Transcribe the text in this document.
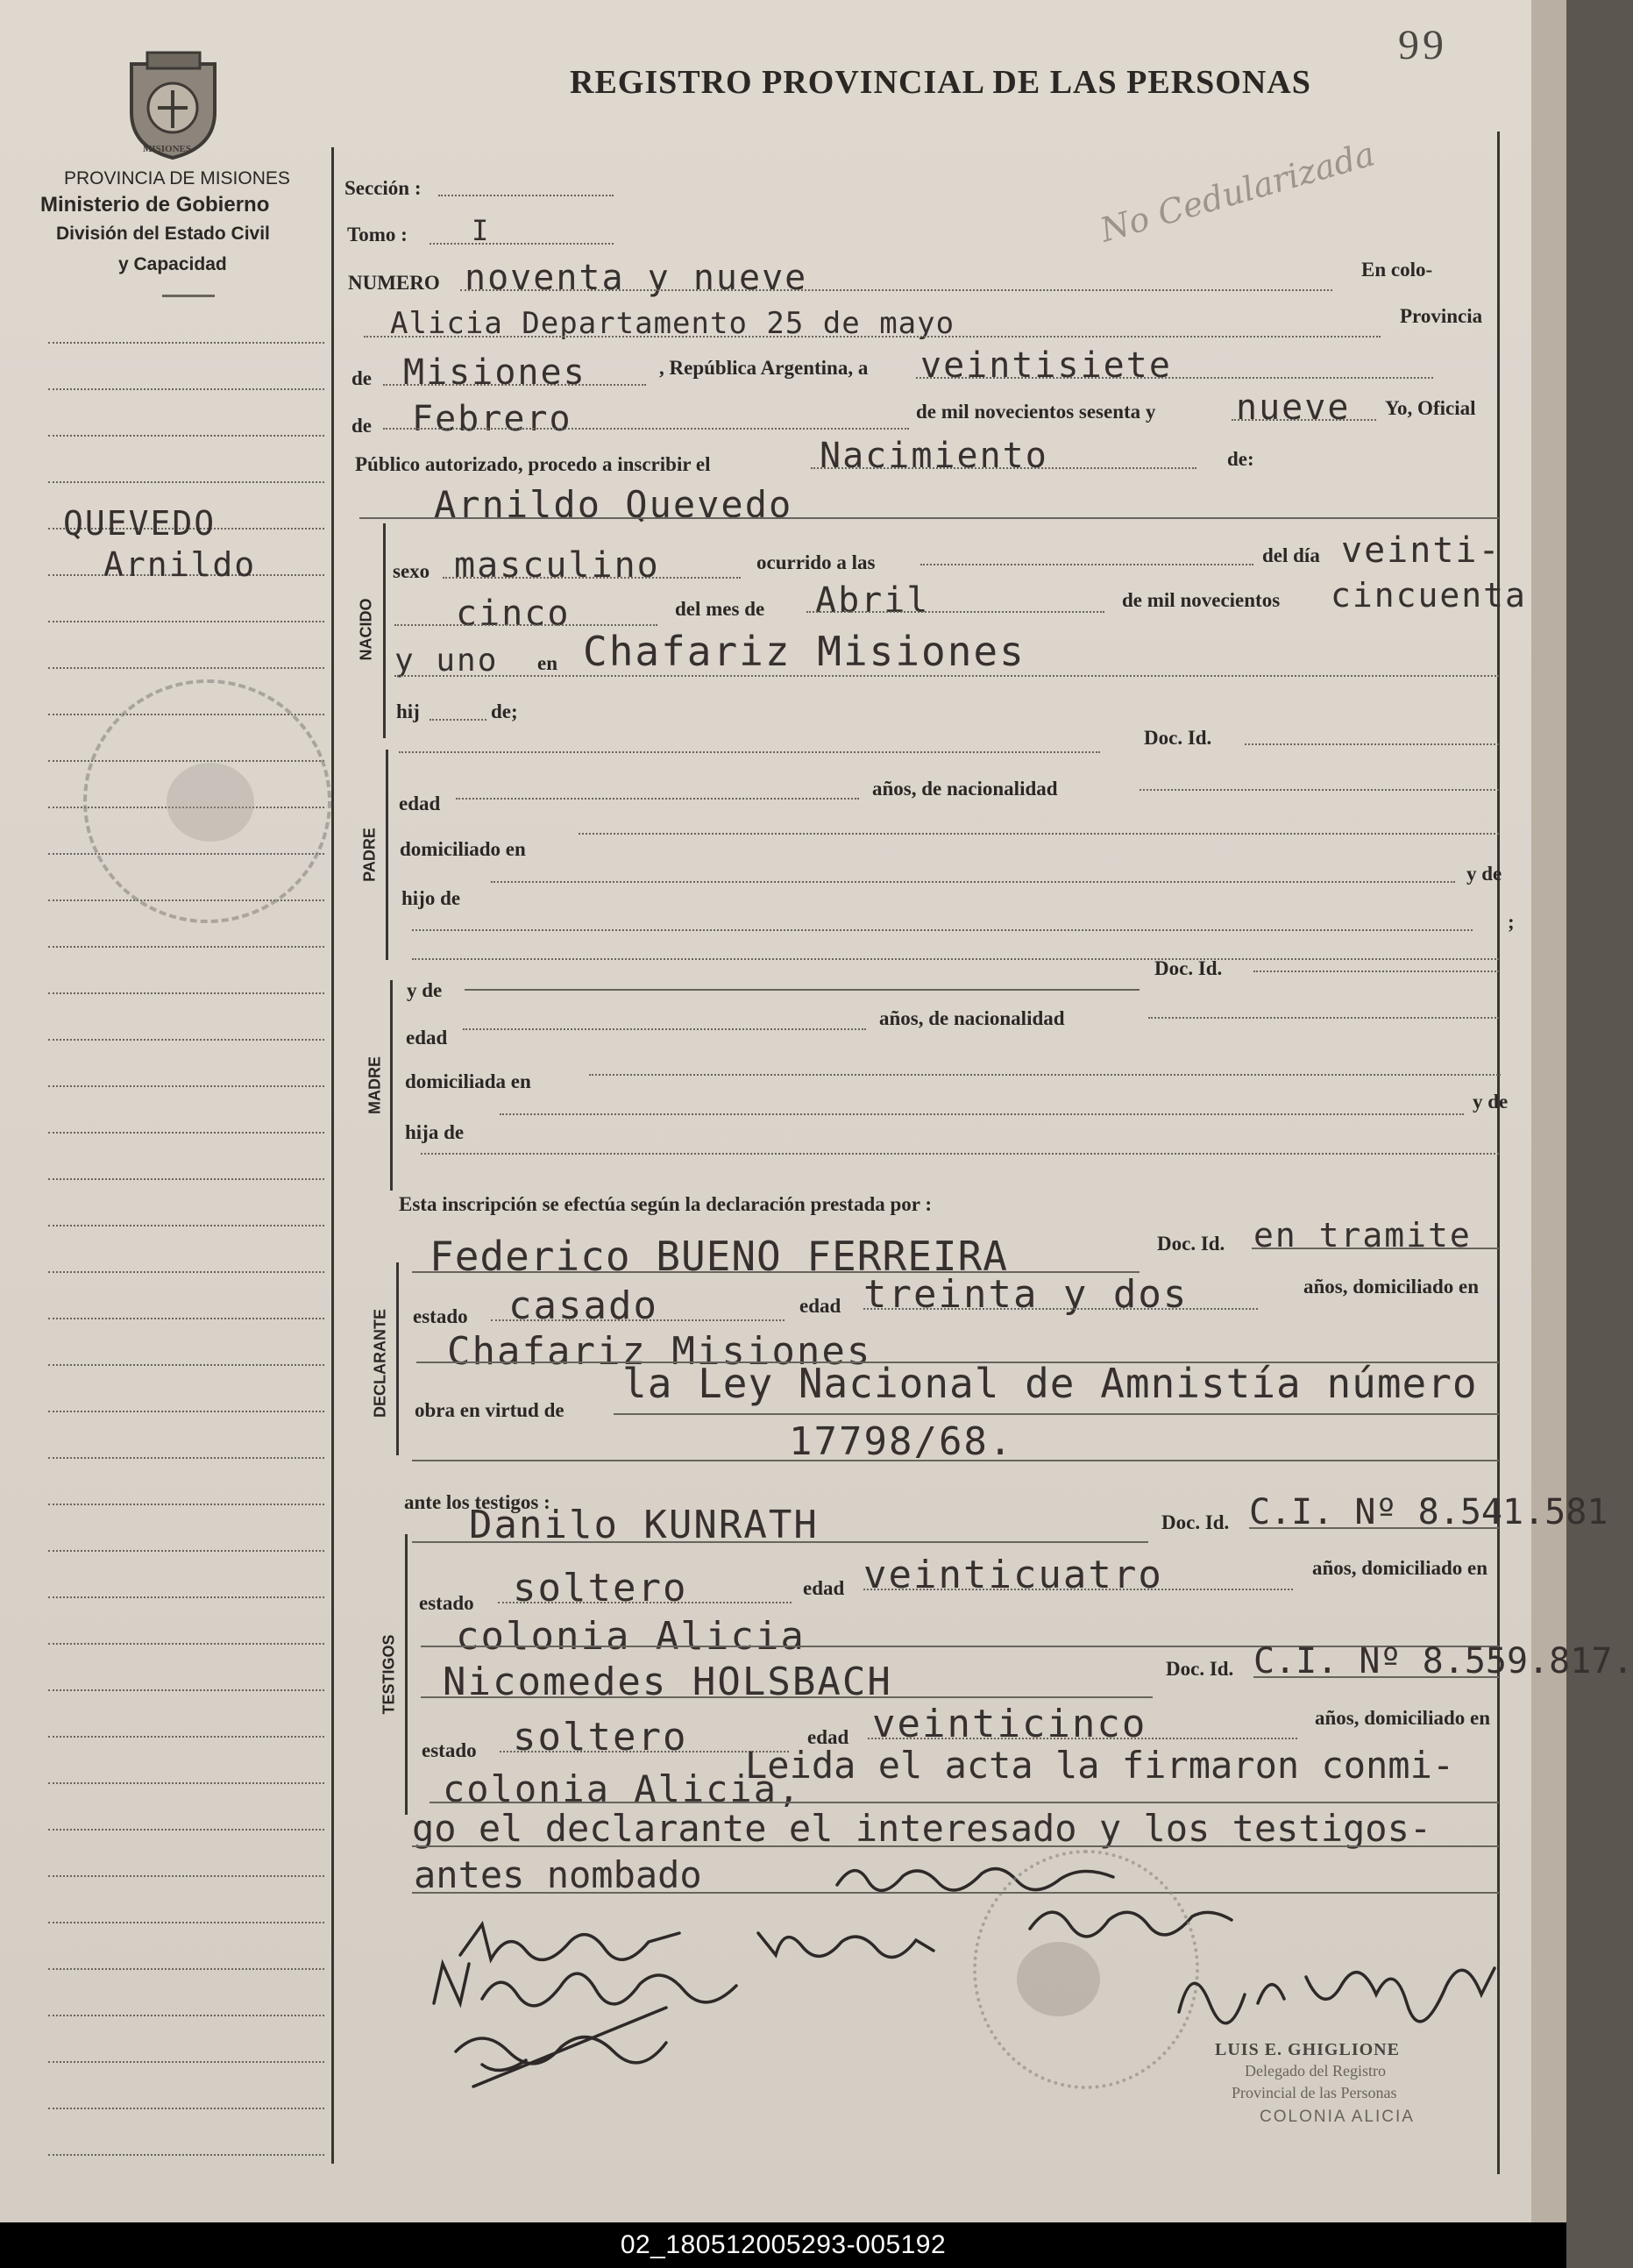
99
MISIONES
REGISTRO PROVINCIAL DE LAS PERSONAS
PROVINCIA DE MISIONES
Ministerio de Gobierno
División del Estado Civil
y Capacidad
QUEVEDO
Arnildo
No Cedularizada
Sección :
Tomo : I
NUMERO noventa y nueve	En colo-
Alicia Departamento 25 de mayo	Provincia
de Misiones	, República Argentina, a veintisiete
de Febrero	de mil novecientos sesenta y nueve Yo, Oficial
Público autorizado, procedo a inscribir el	Nacimiento	de:
Arnildo Quevedo
NACIDO
sexo masculino	ocurrido a las	del día veinti-
cinco	del mes de Abril	de mil novecientos cincuenta
y uno en Chafariz Misiones
hij	de;
PADRE
Doc. Id.
edad
años, de nacionalidad
domiciliado en
hijo de
y de
;
MADRE
y de
Doc. Id.
edad
años, de nacionalidad
domiciliada en
hija de
y de
Esta inscripción se efectúa según la declaración prestada por :
Federico BUENO FERREIRA	Doc. Id. en tramite
DECLARANTE estado casado	edad treinta y dos	años, domiciliado en
Chafariz Misiones
obra en virtud de
la Ley Nacional de Amnistía número
17798/68.
ante los testigos :
Danilo KUNRATH	Doc. Id. C.I. Nº 8.541.581
TESTIGOS
estado soltero	edad veinticuatro	años, domiciliado en
colonia Alicia
Nicomedes HOLSBACH	Doc. Id. C.I. Nº 8.559.817.
estado soltero	edad veinticinco	años, domiciliado en
colonia Alicia,
Leida el acta la firmaron conmi-
go el declarante el interesado y los testigos-
antes nombado
LUIS E. GHIGLIONE
Delegado del Registro
Provincial de las Personas
COLONIA ALICIA
02_180512005293-005192
